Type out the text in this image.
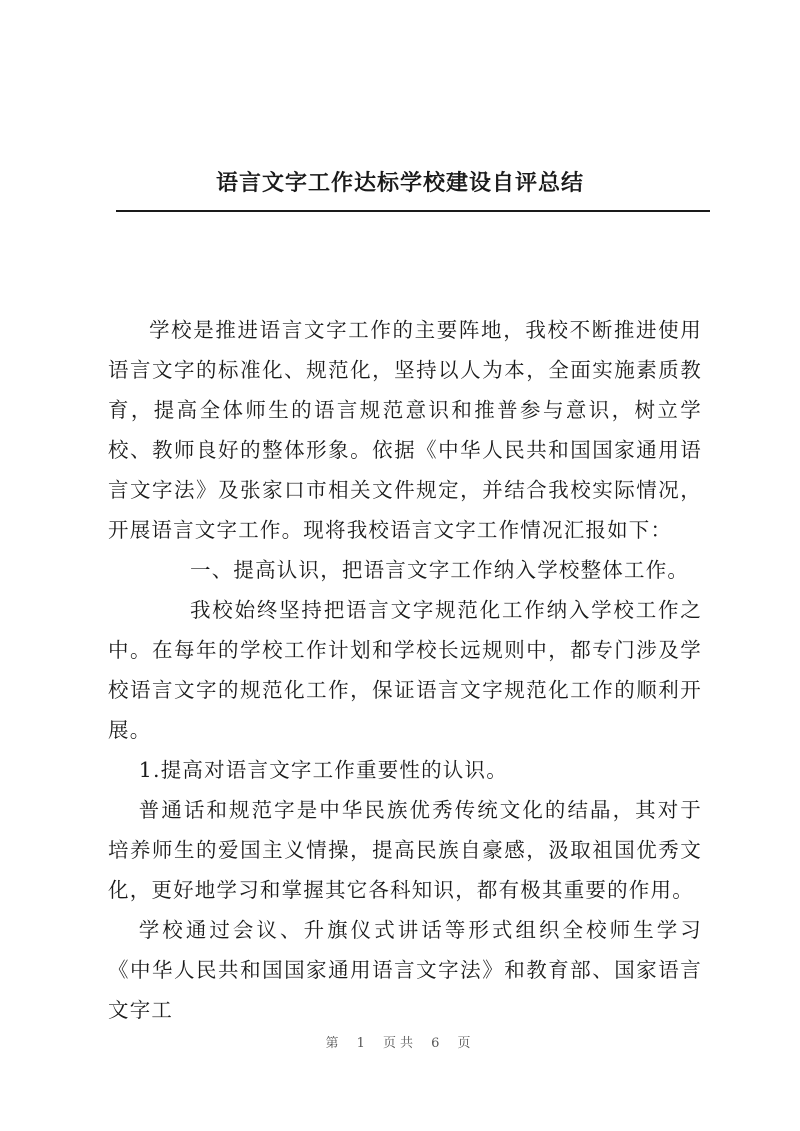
语言文字工作达标学校建设自评总结

学校是推进语言文字工作的主要阵地，我校不断推进使用语言文字的标准化、规范化，坚持以人为本，全面实施素质教育，提高全体师生的语言规范意识和推普参与意识，树立学校、教师良好的整体形象。依据《中华人民共和国国家通用语言文字法》及张家口市相关文件规定，并结合我校实际情况，开展语言文字工作。现将我校语言文字工作情况汇报如下：

一、提高认识，把语言文字工作纳入学校整体工作。

我校始终坚持把语言文字规范化工作纳入学校工作之中。在每年的学校工作计划和学校长远规则中，都专门涉及学校语言文字的规范化工作，保证语言文字规范化工作的顺利开展。

1.提高对语言文字工作重要性的认识。

普通话和规范字是中华民族优秀传统文化的结晶，其对于培养师生的爱国主义情操，提高民族自豪感，汲取祖国优秀文化，更好地学习和掌握其它各科知识，都有极其重要的作用。

学校通过会议、升旗仪式讲话等形式组织全校师生学习《中华人民共和国国家通用语言文字法》和教育部、国家语言文字工

第 1 页共 6 页
